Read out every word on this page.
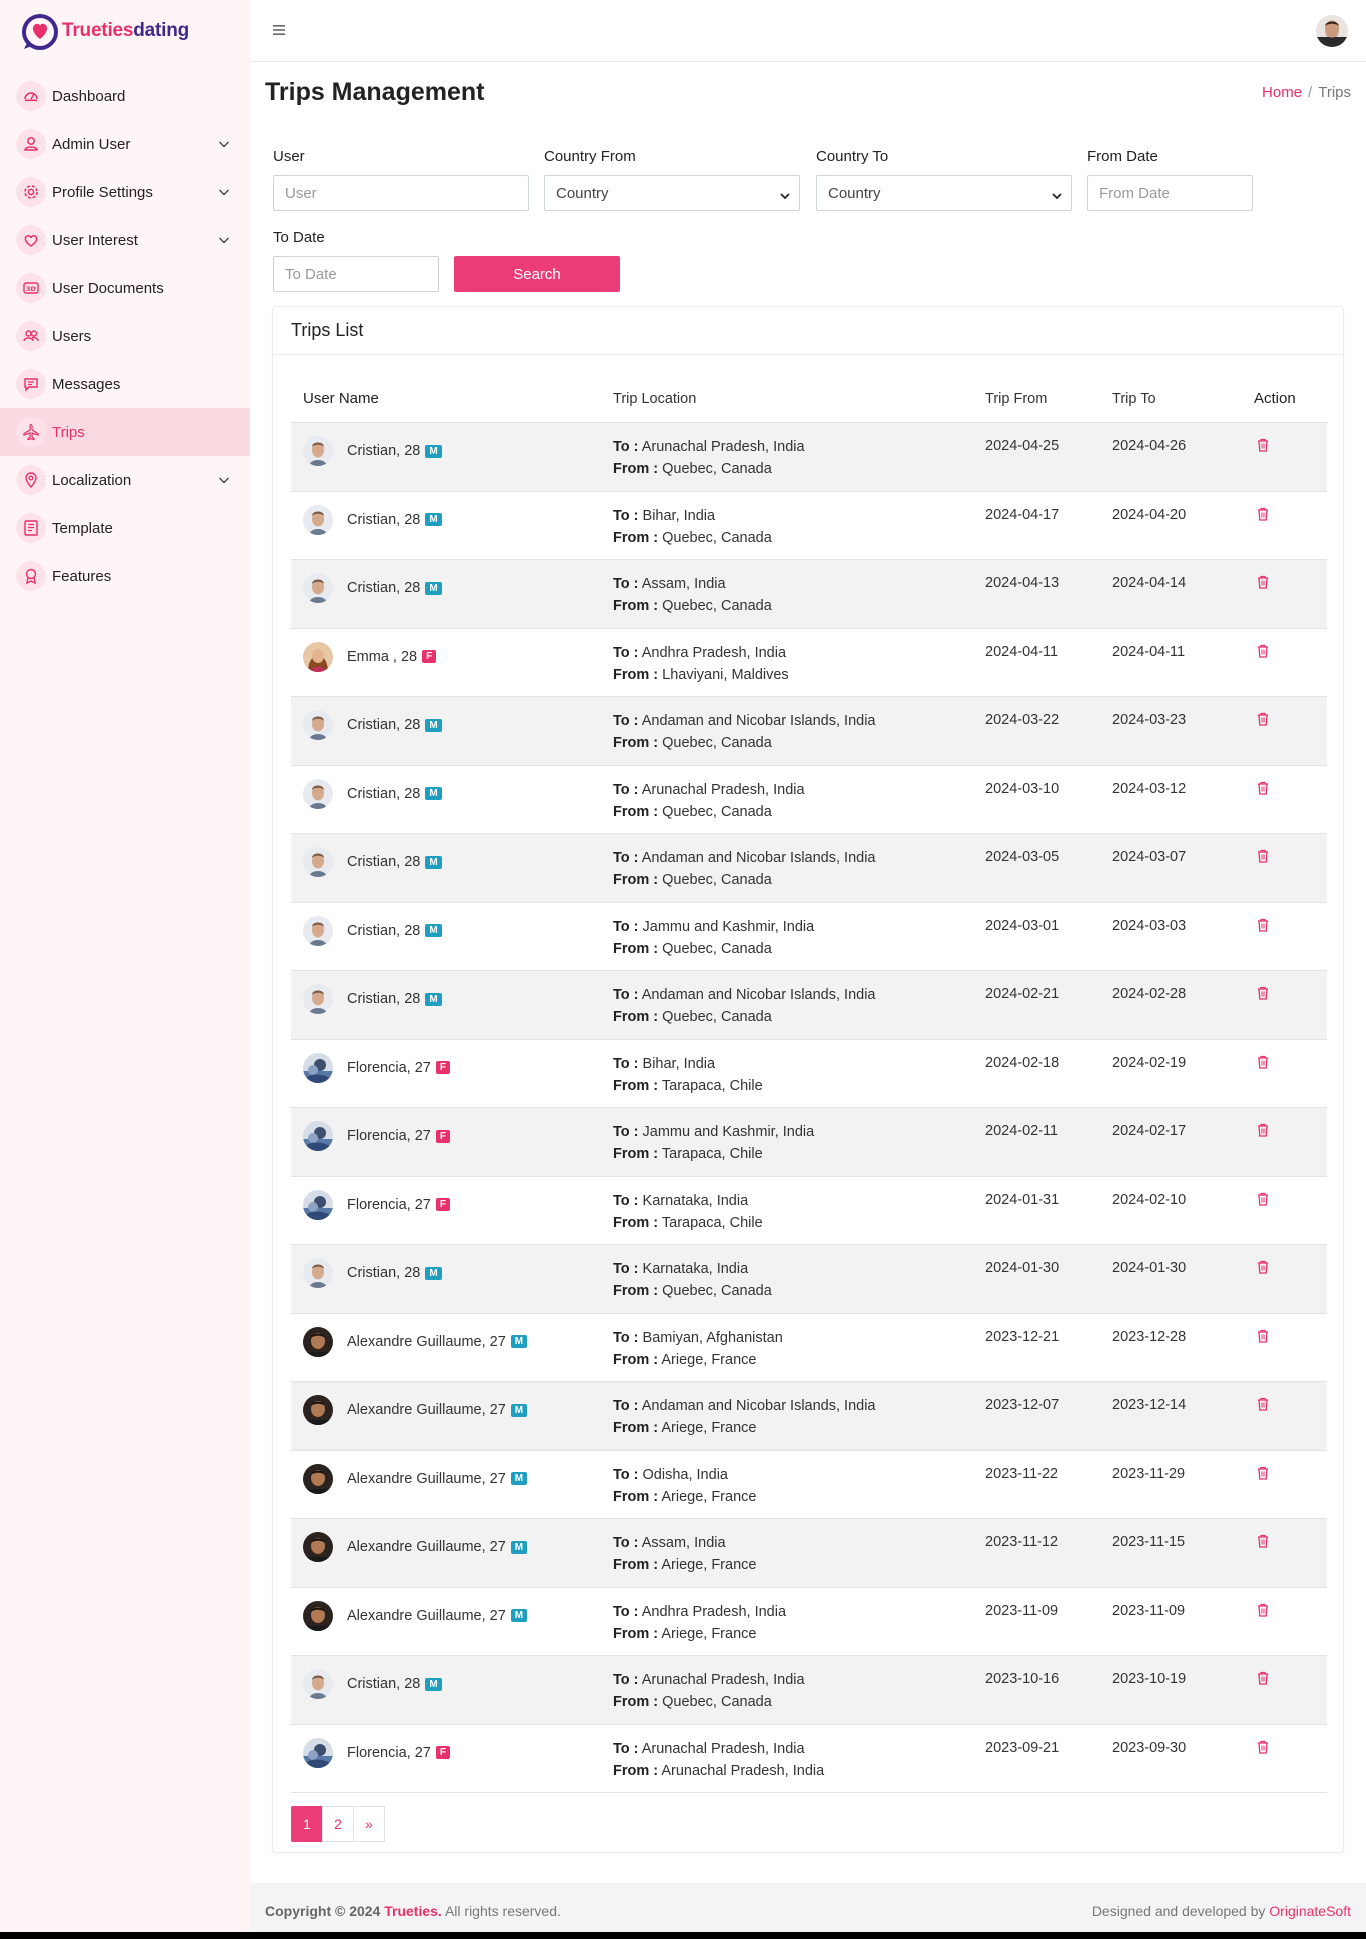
Truetiesdating
Dashboard
Admin User
Profile Settings
User Interest
3D User Documents
Users
Messages
Trips
Localization
Template
Features
Trips Management	Home / Trips
User
User	Country From
Country	Country To
Country	From Date
From Date
To Date
To Date
Search
Trips List
User Name	Trip Location	Trip From	Trip To	Action
Cristian, 28 M	To : Arunachal Pradesh, India
From : Quebec, Canada
2024-04-25	2024-04-26
Cristian, 28 M	To : Bihar, India
From : Quebec, Canada
2024-04-17	2024-04-20
Cristian, 28 M	To : Assam, India
From : Quebec, Canada
2024-04-13	2024-04-14
Emma , 28 F	To : Andhra Pradesh, India
From : Lhaviyani, Maldives
2024-04-11	2024-04-11
Cristian, 28 M	To : Andaman and Nicobar Islands, India
From : Quebec, Canada
2024-03-22	2024-03-23
Cristian, 28 M	To : Arunachal Pradesh, India
From : Quebec, Canada
2024-03-10	2024-03-12
Cristian, 28 M	To : Andaman and Nicobar Islands, India
From : Quebec, Canada
2024-03-05	2024-03-07
Cristian, 28 M	To : Jammu and Kashmir, India
From : Quebec, Canada
2024-03-01	2024-03-03
Cristian, 28 M	To : Andaman and Nicobar Islands, India
From : Quebec, Canada
2024-02-21	2024-02-28
Florencia, 27 F	To : Bihar, India
From : Tarapaca, Chile
2024-02-18	2024-02-19
Florencia, 27 F	To : Jammu and Kashmir, India
From : Tarapaca, Chile
2024-02-11	2024-02-17
Florencia, 27 F	To : Karnataka, India
From : Tarapaca, Chile
2024-01-31	2024-02-10
Cristian, 28 M	To : Karnataka, India
From : Quebec, Canada
2024-01-30	2024-01-30
Alexandre Guillaume, 27 M	To : Bamiyan, Afghanistan
From : Ariege, France
2023-12-21	2023-12-28
Alexandre Guillaume, 27 M	To : Andaman and Nicobar Islands, India
From : Ariege, France
2023-12-07	2023-12-14
Alexandre Guillaume, 27 M	To : Odisha, India
From : Ariege, France
2023-11-22	2023-11-29
Alexandre Guillaume, 27 M	To : Assam, India
From : Ariege, France
2023-11-12	2023-11-15
Alexandre Guillaume, 27 M	To : Andhra Pradesh, India
From : Ariege, France
2023-11-09	2023-11-09
Cristian, 28 M	To : Arunachal Pradesh, India
From : Quebec, Canada
2023-10-16	2023-10-19
Florencia, 27 F	To : Arunachal Pradesh, India
From : Arunachal Pradesh, India
2023-09-21	2023-09-30
1	2	»
Copyright © 2024 Trueties. All rights reserved.	Designed and developed by OriginateSoft
